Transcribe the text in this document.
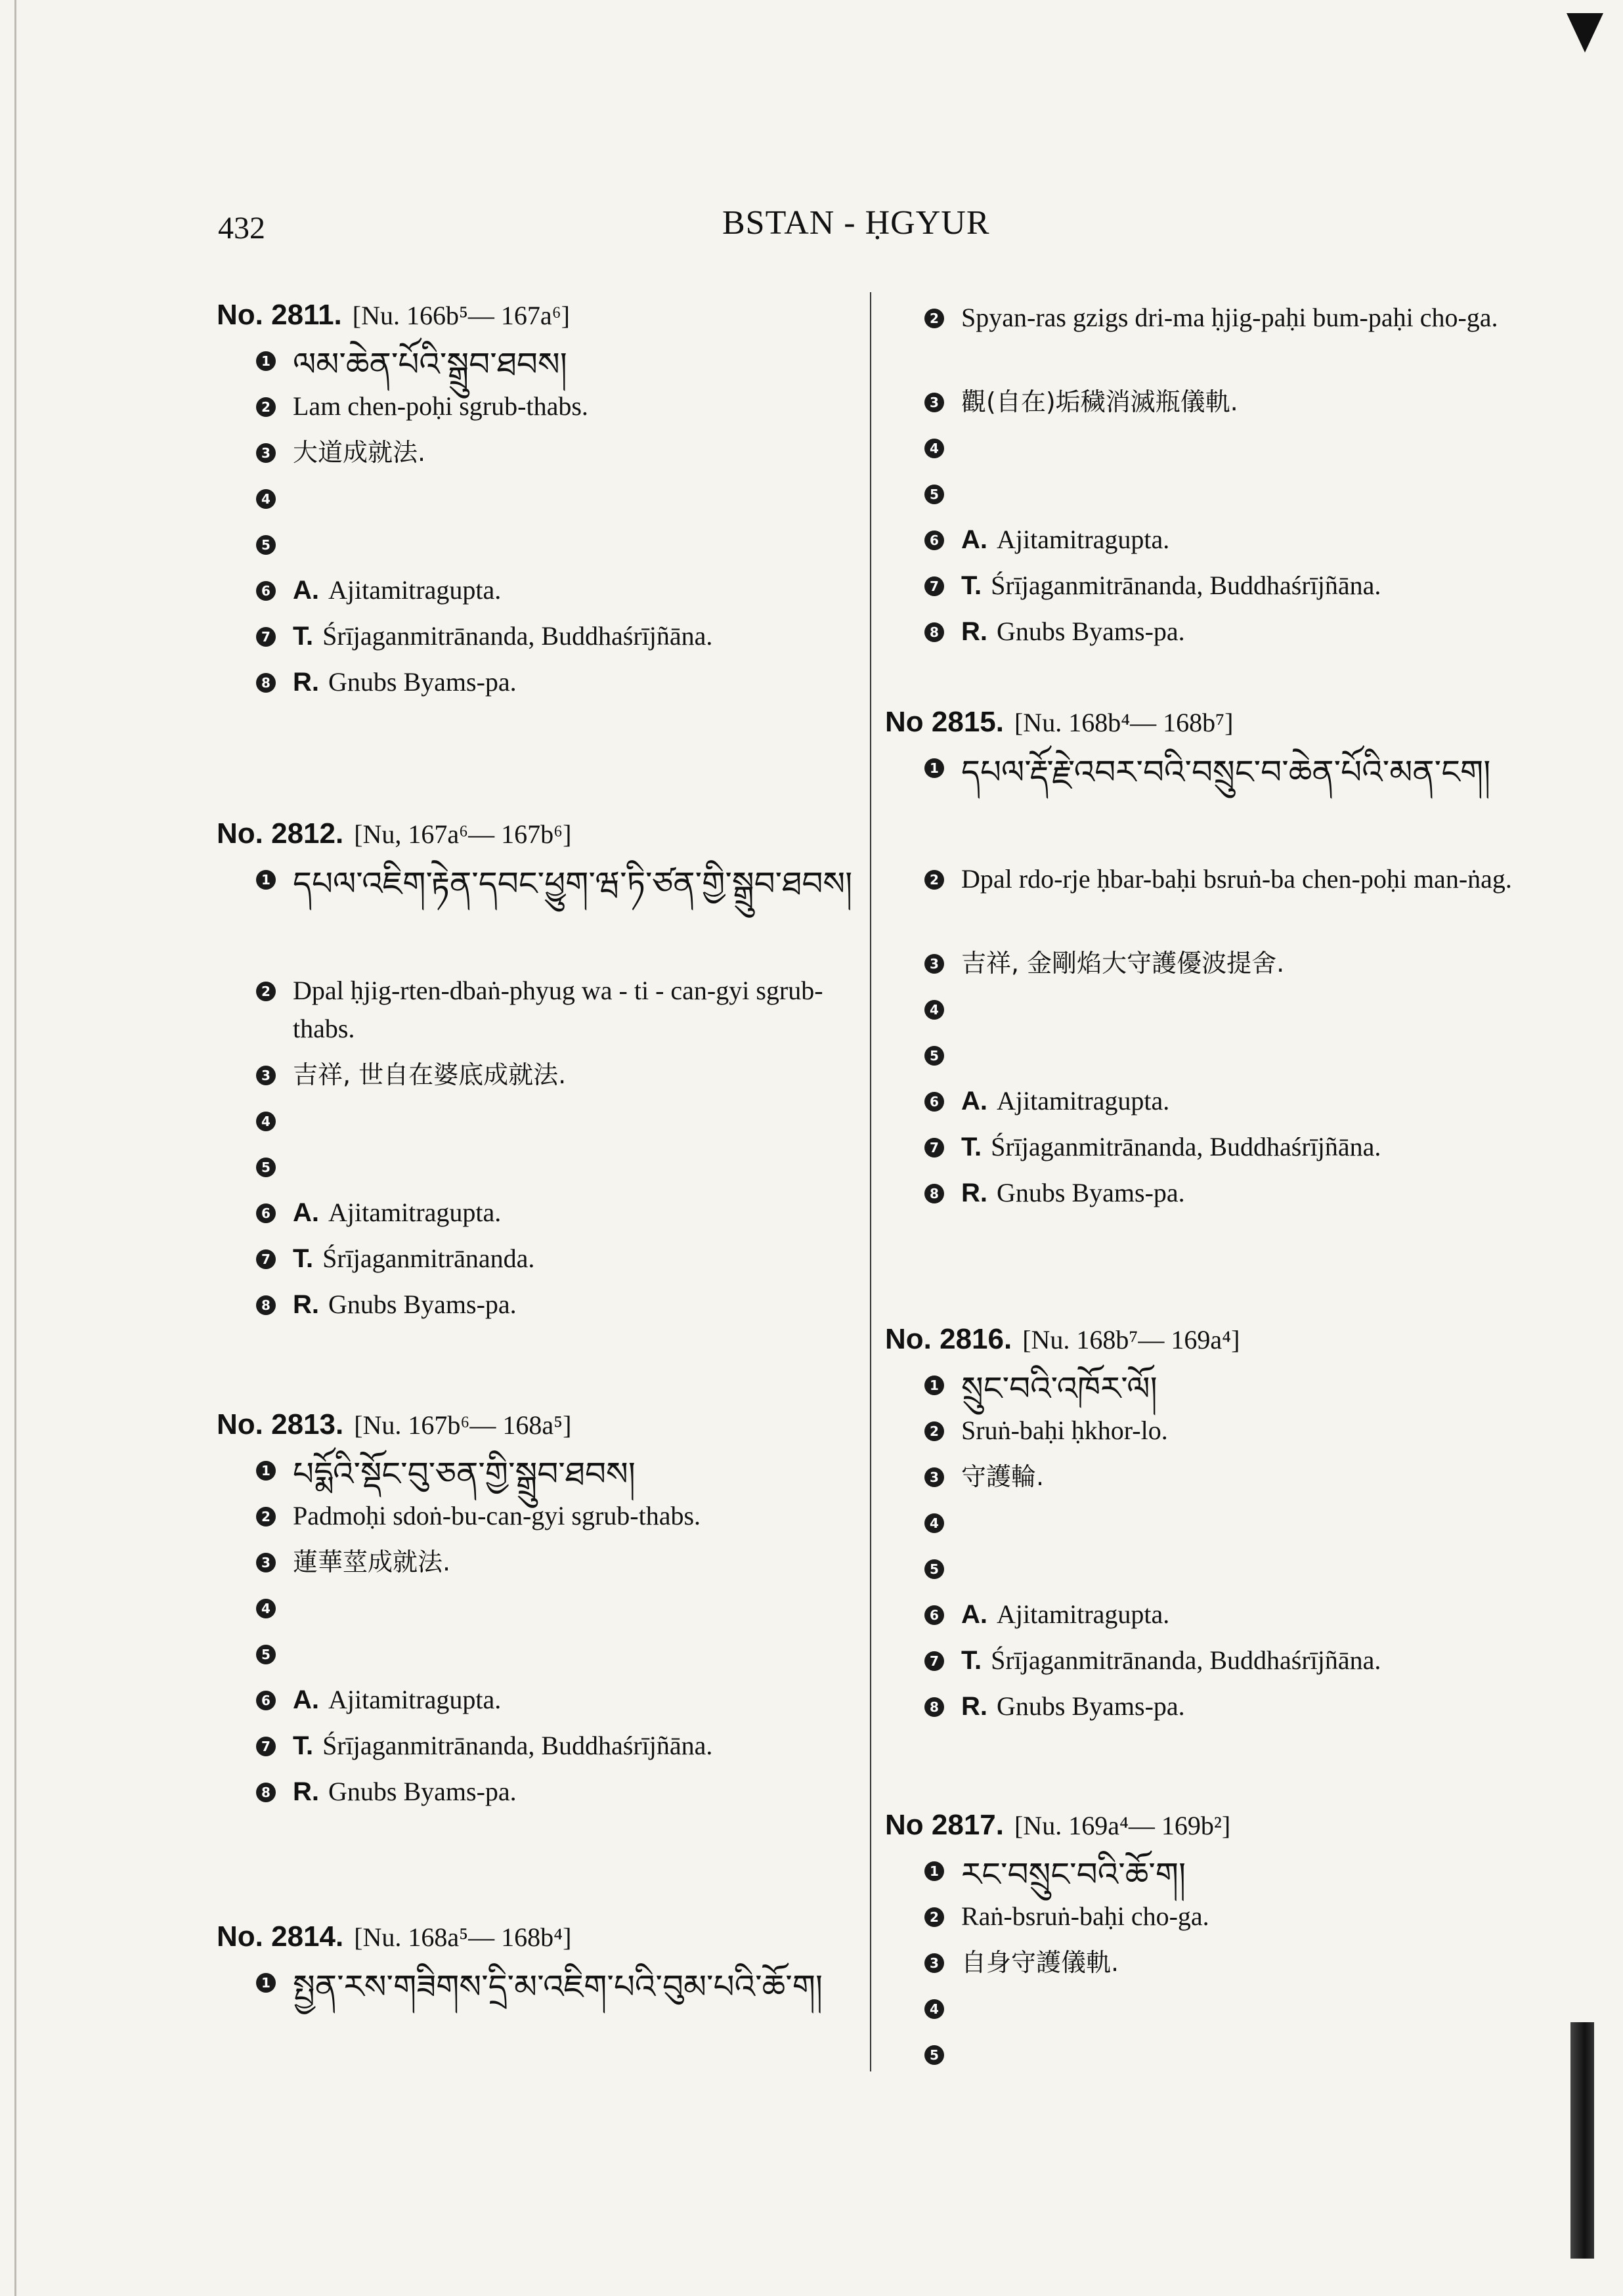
432	BSTAN - ḤGYUR
No. 2811. [Nu. 166b⁵— 167a⁶]
1 ལམ་ཆེན་པོའི་སྒྲུབ་ཐབས།
2 Lam chen-poḥi sgrub-thabs.
3 大道成就法.
4
5
6 A. Ajitamitragupta.
7 T. Śrījaganmitrānanda, Buddhaśrījñāna.
8 R. Gnubs Byams-pa.
No. 2812. [Nu, 167a⁶— 167b⁶]
1 དཔལ་འཇིག་རྟེན་དབང་ཕྱུག་ཝ་ཏི་ཙན་གྱི་སྒྲུབ་ཐབས།
2 Dpal ḥjig-rten-dbaṅ-phyug wa - ti - can-gyi sgrub-thabs.
3 吉祥, 世自在婆底成就法.
4
5
6 A. Ajitamitragupta.
7 T. Śrījaganmitrānanda.
8 R. Gnubs Byams-pa.
No. 2813. [Nu. 167b⁶— 168a⁵]
1 པདྨོའི་སྡོང་བུ་ཅན་གྱི་སྒྲུབ་ཐབས།
2 Padmoḥi sdoṅ-bu-can-gyi sgrub-thabs.
3 蓮華莖成就法.
4
5
6 A. Ajitamitragupta.
7 T. Śrījaganmitrānanda, Buddhaśrījñāna.
8 R. Gnubs Byams-pa.
No. 2814. [Nu. 168a⁵— 168b⁴]
1 སྤྱན་རས་གཟིགས་དྲི་མ་འཇིག་པའི་བུམ་པའི་ཆོ་ག།
2 Spyan-ras gzigs dri-ma ḥjig-paḥi bum-paḥi cho-ga.
3 觀(自在)垢穢消滅瓶儀軌.
4
5
6 A. Ajitamitragupta.
7 T. Śrījaganmitrānanda, Buddhaśrījñāna.
8 R. Gnubs Byams-pa.
No 2815. [Nu. 168b⁴— 168b⁷]
1 དཔལ་རྡོ་རྗེ་འབར་བའི་བསྲུང་བ་ཆེན་པོའི་མན་ངག།
2 Dpal rdo-rje ḥbar-baḥi bsruṅ-ba chen-poḥi man-ṅag.
3 吉祥, 金剛焰大守護優波提舍.
4
5
6 A. Ajitamitragupta.
7 T. Śrījaganmitrānanda, Buddhaśrījñāna.
8 R. Gnubs Byams-pa.
No. 2816. [Nu. 168b⁷— 169a⁴]
1 སྲུང་བའི་འཁོར་ལོ།
2 Sruṅ-baḥi ḥkhor-lo.
3 守護輪.
4
5
6 A. Ajitamitragupta.
7 T. Śrījaganmitrānanda, Buddhaśrījñāna.
8 R. Gnubs Byams-pa.
No 2817. [Nu. 169a⁴— 169b²]
1 རང་བསྲུང་བའི་ཆོ་ག།
2 Raṅ-bsruṅ-baḥi cho-ga.
3 自身守護儀軌.
4
5
